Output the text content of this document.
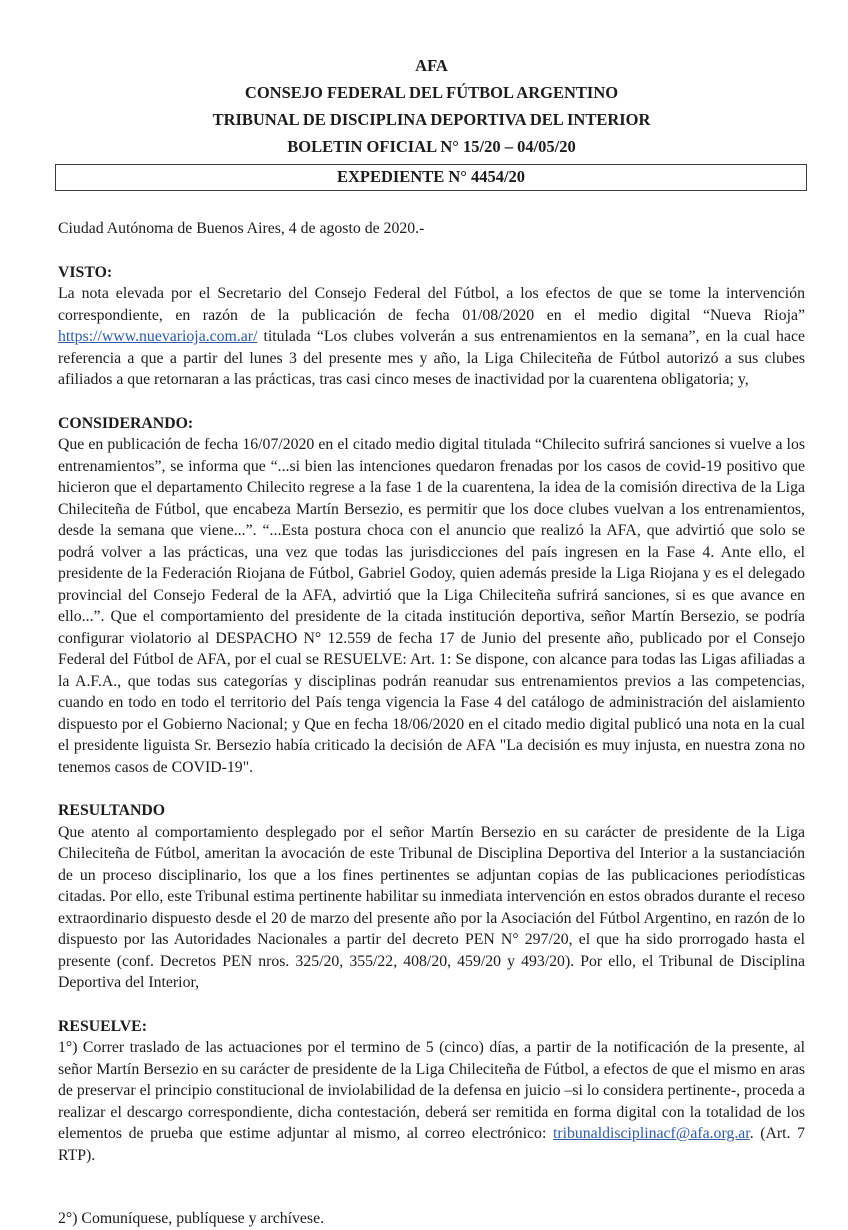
AFA
CONSEJO FEDERAL DEL FÚTBOL ARGENTINO
TRIBUNAL DE DISCIPLINA DEPORTIVA DEL INTERIOR
BOLETIN OFICIAL N° 15/20 – 04/05/20
EXPEDIENTE N° 4454/20

Ciudad Autónoma de Buenos Aires, 4 de agosto de 2020.-

VISTO:

La nota elevada por el Secretario del Consejo Federal del Fútbol, a los efectos de que se tome la intervención correspondiente, en razón de la publicación de fecha 01/08/2020 en el medio digital “Nueva Rioja” https://www.nuevarioja.com.ar/ titulada “Los clubes volverán a sus entrenamientos en la semana”, en la cual hace referencia a que a partir del lunes 3 del presente mes y año, la Liga Chileciteña de Fútbol autorizó a sus clubes afiliados a que retornaran a las prácticas, tras casi cinco meses de inactividad por la cuarentena obligatoria; y,

CONSIDERANDO:

Que en publicación de fecha 16/07/2020 en el citado medio digital titulada “Chilecito sufrirá sanciones si vuelve a los entrenamientos”, se informa que “...si bien las intenciones quedaron frenadas por los casos de covid-19 positivo que hicieron que el departamento Chilecito regrese a la fase 1 de la cuarentena, la idea de la comisión directiva de la Liga Chileciteña de Fútbol, que encabeza Martín Bersezio, es permitir que los doce clubes vuelvan a los entrenamientos, desde la semana que viene...”. “...Esta postura choca con el anuncio que realizó la AFA, que advirtió que solo se podrá volver a las prácticas, una vez que todas las jurisdicciones del país ingresen en la Fase 4. Ante ello, el presidente de la Federación Riojana de Fútbol, Gabriel Godoy, quien además preside la Liga Riojana y es el delegado provincial del Consejo Federal de la AFA, advirtió que la Liga Chileciteña sufrirá sanciones, si es que avance en ello...”. Que el comportamiento del presidente de la citada institución deportiva, señor Martín Bersezio, se podría configurar violatorio al DESPACHO N° 12.559 de fecha 17 de Junio del presente año, publicado por el Consejo Federal del Fútbol de AFA, por el cual se RESUELVE: Art. 1: Se dispone, con alcance para todas las Ligas afiliadas a la A.F.A., que todas sus categorías y disciplinas podrán reanudar sus entrenamientos previos a las competencias, cuando en todo en todo el territorio del País tenga vigencia la Fase 4 del catálogo de administración del aislamiento dispuesto por el Gobierno Nacional; y Que en fecha 18/06/2020 en el citado medio digital publicó una nota en la cual el presidente liguista Sr. Bersezio había criticado la decisión de AFA "La decisión es muy injusta, en nuestra zona no tenemos casos de COVID-19".

RESULTANDO

Que atento al comportamiento desplegado por el señor Martín Bersezio en su carácter de presidente de la Liga Chileciteña de Fútbol, ameritan la avocación de este Tribunal de Disciplina Deportiva del Interior a la sustanciación de un proceso disciplinario, los que a los fines pertinentes se adjuntan copias de las publicaciones periodísticas citadas. Por ello, este Tribunal estima pertinente habilitar su inmediata intervención en estos obrados durante el receso extraordinario dispuesto desde el 20 de marzo del presente año por la Asociación del Fútbol Argentino, en razón de lo dispuesto por las Autoridades Nacionales a partir del decreto PEN N° 297/20, el que ha sido prorrogado hasta el presente (conf. Decretos PEN nros. 325/20, 355/22, 408/20, 459/20 y 493/20). Por ello, el Tribunal de Disciplina Deportiva del Interior,

RESUELVE:

1°) Correr traslado de las actuaciones por el termino de 5 (cinco) días, a partir de la notificación de la presente, al señor Martín Bersezio en su carácter de presidente de la Liga Chileciteña de Fútbol, a efectos de que el mismo en aras de preservar el principio constitucional de inviolabilidad de la defensa en juicio –si lo considera pertinente-, proceda a realizar el descargo correspondiente, dicha contestación, deberá ser remitida en forma digital con la totalidad de los elementos de prueba que estime adjuntar al mismo, al correo electrónico: tribunaldisciplinacf@afa.org.ar. (Art. 7 RTP).

2°) Comuníquese, publíquese y archívese.
